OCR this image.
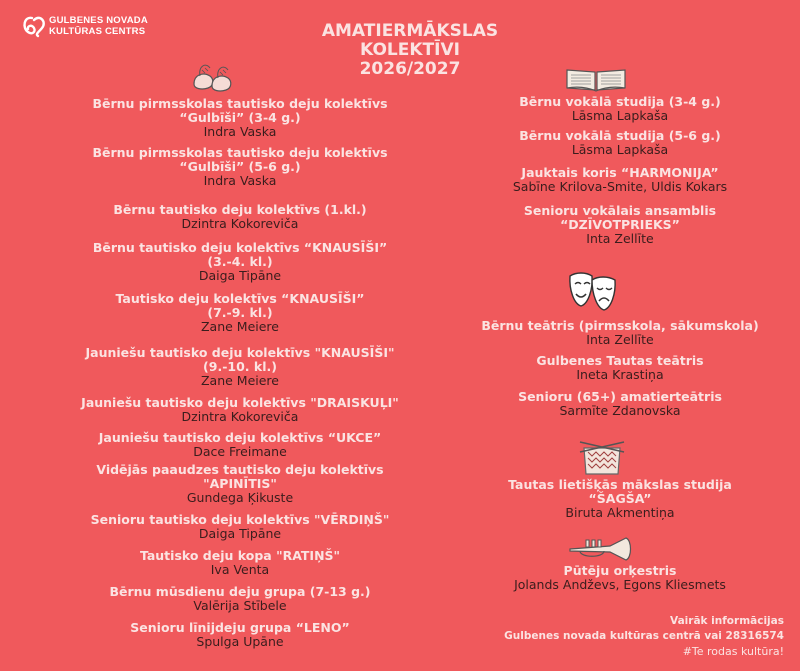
GULBENES NOVADA
KULTŪRAS CENTRS	AMATIERMĀKSLAS
KOLEKTĪVI
2026/2027
Bērnu pirmsskolas tautisko deju kolektīvs
“Gulbīši” (3-4 g.)
Indra Vaska
Bērnu pirmsskolas tautisko deju kolektīvs
“Gulbīši” (5-6 g.)
Indra Vaska
Bērnu tautisko deju kolektīvs (1.kl.)
Dzintra Kokoreviča
Bērnu tautisko deju kolektīvs “KNAUSĪŠI”
(3.-4. kl.)
Daiga Tipāne
Tautisko deju kolektīvs “KNAUSĪŠI”
(7.-9. kl.)
Zane Meiere
Jauniešu tautisko deju kolektīvs "KNAUSĪŠI"
(9.-10. kl.)
Zane Meiere
Jauniešu tautisko deju kolektīvs "DRAISKUĻI"
Dzintra Kokoreviča
Jauniešu tautisko deju kolektīvs “UKCE”
Dace Freimane
Vidējās paaudzes tautisko deju kolektīvs
"APINĪTIS"
Gundega Ķikuste
Senioru tautisko deju kolektīvs "VĒRDIŅŠ"
Daiga Tipāne
Tautisko deju kopa "RATIŅŠ"
Iva Venta
Bērnu mūsdienu deju grupa (7-13 g.)
Valērija Stībele
Senioru līnijdeju grupa “LENO”
Spulga Upāne
Bērnu vokālā studija (3-4 g.)
Lāsma Lapkaša
Bērnu vokālā studija (5-6 g.)
Lāsma Lapkaša
Jauktais koris “HARMONIJA”
Sabīne Krilova-Smite, Uldis Kokars
Senioru vokālais ansamblis
“DZĪVOTPRIEKS”
Inta Zellīte
Bērnu teātris (pirmsskola, sākumskola)
Inta Zellīte
Gulbenes Tautas teātris
Ineta Krastiņa
Senioru (65+) amatierteātris
Sarmīte Zdanovska
Tautas lietišķās mākslas studija
“ŠAGŠA”
Biruta Akmentiņa
Pūtēju orķestris
Jolands Andževs, Egons Kliesmets
Vairāk informācijas
Gulbenes novada kultūras centrā vai 28316574
#Te rodas kultūra!
